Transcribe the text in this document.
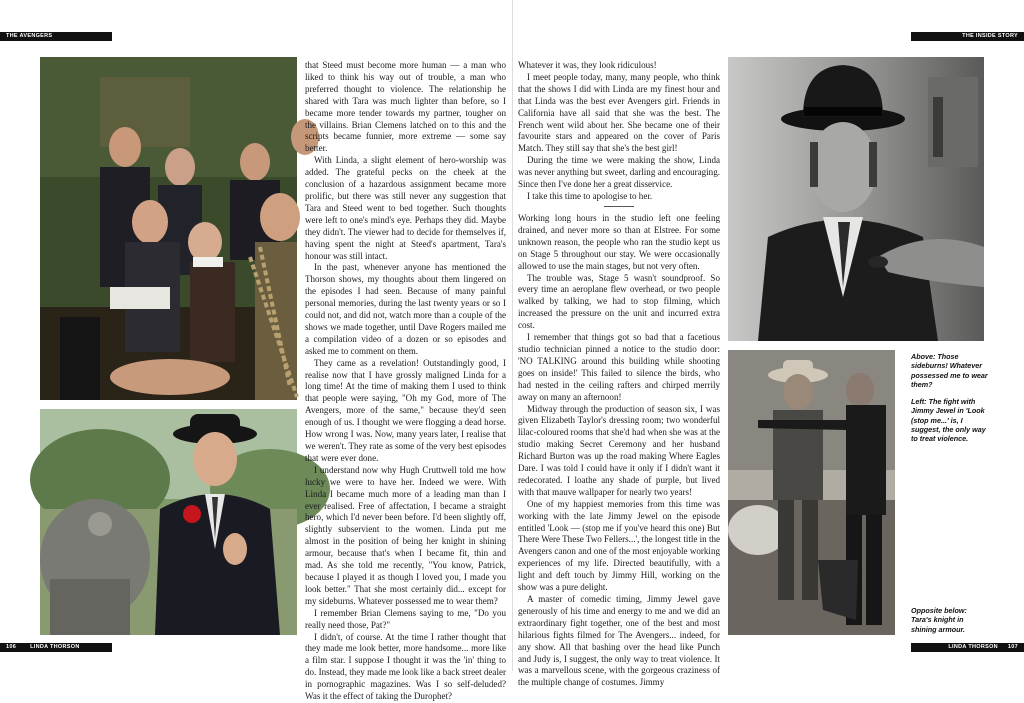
THE AVENGERS	THE INSIDE STORY
106	LINDA THORSON	LINDA THORSON 107

that Steed must become more human — a man who liked to think his way out of trouble, a man who preferred thought to violence. The relationship he shared with Tara was much lighter than before, so I became more tender towards my partner, tougher on the villains. Brian Clemens latched on to this and the scripts became funnier, more extreme — some say better.

With Linda, a slight element of hero-worship was added. The grateful pecks on the cheek at the conclusion of a hazardous assignment became more prolific, but there was still never any suggestion that Tara and Steed went to bed together. Such thoughts were left to one's mind's eye. Perhaps they did. Maybe they didn't. The viewer had to decide for themselves if, having spent the night at Steed's apartment, Tara's honour was still intact.

In the past, whenever anyone has mentioned the Thorson shows, my thoughts about them lingered on the episodes I had seen. Because of many painful personal memories, during the last twenty years or so I could not, and did not, watch more than a couple of the shows we made together, until Dave Rogers mailed me a compilation video of a dozen or so episodes and asked me to comment on them.

They came as a revelation! Outstandingly good, I realise now that I have grossly maligned Linda for a long time! At the time of making them I used to think that people were saying, "Oh my God, more of The Avengers, more of the same," because they'd seen enough of us. I thought we were flogging a dead horse. How wrong I was. Now, many years later, I realise that we weren't. They rate as some of the very best episodes that were ever done.

I understand now why Hugh Cruttwell told me how lucky we were to have her. Indeed we were. With Linda I became much more of a leading man than I ever realised. Free of affectation, I became a straight hero, which I'd never been before. I'd been slightly off, slightly subservient to the women. Linda put me almost in the position of being her knight in shining armour, because that's when I became fit, thin and mad. As she told me recently, "You know, Patrick, because I played it as though I loved you, I made you look better." That she most certainly did... except for my sideburns. Whatever possessed me to wear them?

I remember Brian Clemens saying to me, "Do you really need those, Pat?"

I didn't, of course. At the time I rather thought that they made me look better, more handsome... more like a film star. I suppose I thought it was the 'in' thing to do. Instead, they made me look like a back street dealer in pornographic magazines. Was I so self-deluded? Was it the effect of taking the Durophet?

Whatever it was, they look ridiculous!

I meet people today, many, many people, who think that the shows I did with Linda are my finest hour and that Linda was the best ever Avengers girl. Friends in California have all said that she was the best. The French went wild about her. She became one of their favourite stars and appeared on the cover of Paris Match. They still say that she's the best girl!

During the time we were making the show, Linda was never anything but sweet, darling and encouraging. Since then I've done her a great disservice.

I take this time to apologise to her.

Working long hours in the studio left one feeling drained, and never more so than at Elstree. For some unknown reason, the people who ran the studio kept us on Stage 5 throughout our stay. We were occasionally allowed to use the main stages, but not very often.

The trouble was, Stage 5 wasn't soundproof. So every time an aeroplane flew overhead, or two people walked by talking, we had to stop filming, which increased the pressure on the unit and incurred extra cost.

I remember that things got so bad that a facetious studio technician pinned a notice to the studio door: 'NO TALKING around this building while shooting goes on inside!' This failed to silence the birds, who had nested in the ceiling rafters and chirped merrily away on many an afternoon!

Midway through the production of season six, I was given Elizabeth Taylor's dressing room; two wonderful lilac-coloured rooms that she'd had when she was at the studio making Secret Ceremony and her husband Richard Burton was up the road making Where Eagles Dare. I was told I could have it only if I didn't want it redecorated. I loathe any shade of purple, but lived with that mauve wallpaper for nearly two years!

One of my happiest memories from this time was working with the late Jimmy Jewel on the episode entitled 'Look — (stop me if you've heard this one) But There Were These Two Fellers...', the longest title in the Avengers canon and one of the most enjoyable working experiences of my life. Directed beautifully, with a light and deft touch by Jimmy Hill, working on the show was a pure delight.

A master of comedic timing, Jimmy Jewel gave generously of his time and energy to me and we did an extraordinary fight together, one of the best and most hilarious fights filmed for The Avengers... indeed, for any show. All that bashing over the head like Punch and Judy is, I suggest, the only way to treat violence. It was a marvellous scene, with the gorgeous craziness of the multiple change of costumes. Jimmy

Above: Those sideburns! Whatever possessed me to wear them?

Left: The fight with Jimmy Jewel in 'Look (stop me...' is, I suggest, the only way to treat violence.

Opposite below: Tara's knight in shining armour.
